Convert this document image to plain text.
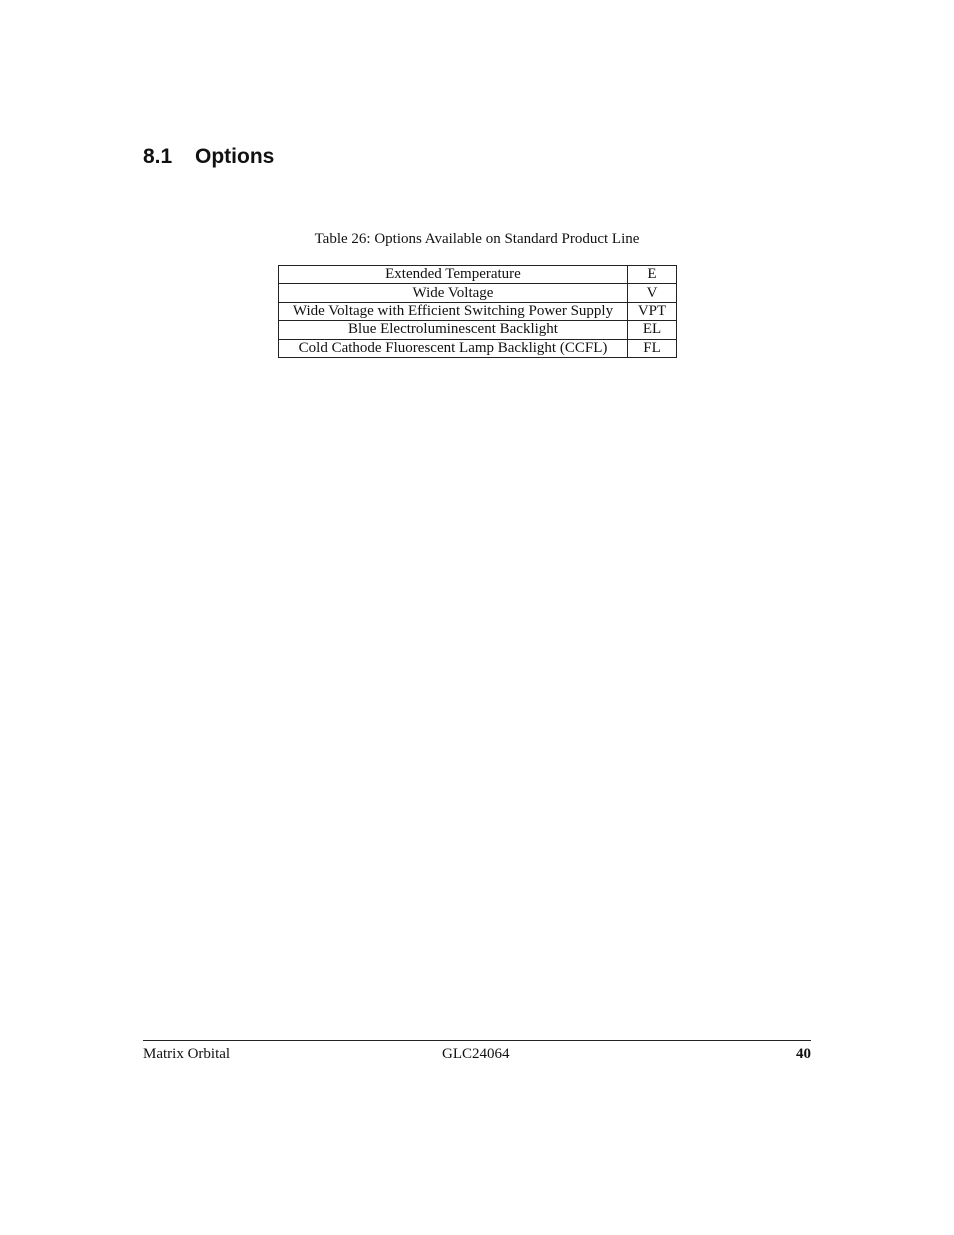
8.1 Options
Table 26: Options Available on Standard Product Line
Extended Temperature	E
Wide Voltage	V
Wide Voltage with Efficient Switching Power Supply	VPT
Blue Electroluminescent Backlight	EL
Cold Cathode Fluorescent Lamp Backlight (CCFL)	FL
Matrix Orbital	GLC24064	40
